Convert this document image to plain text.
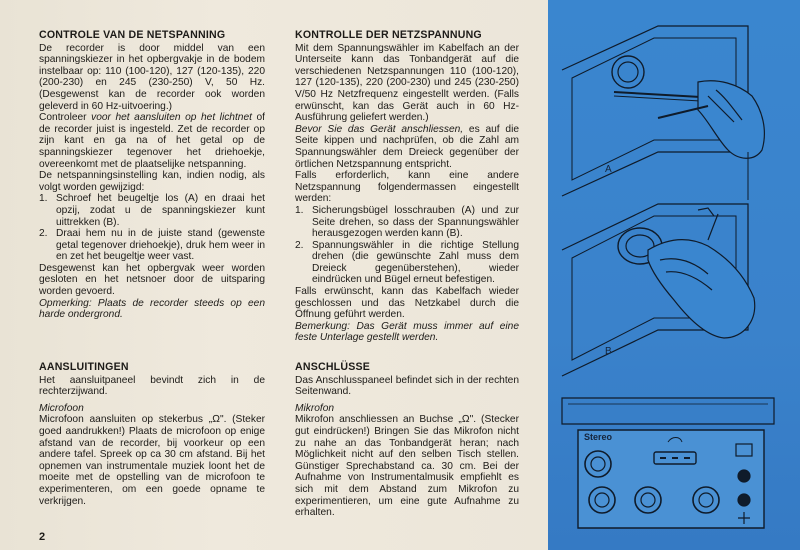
CONTROLE VAN DE NETSPANNING

De recorder is door middel van een spanningskiezer in het opbergvakje in de bodem instelbaar op: 110 (100-120), 127 (120-135), 220 (200-230) en 245 (230-250) V, 50 Hz. (Desgewenst kan de recorder ook worden geleverd in 60 Hz-uitvoering.)

Controleer voor het aansluiten op het lichtnet of de recorder juist is ingesteld. Zet de recorder op zijn kant en ga na of het getal op de spanningskiezer tegenover het driehoekje, overeenkomt met de plaatselijke netspanning.

De netspanningsinstelling kan, indien nodig, als volgt worden gewijzigd:

1. Schroef het beugeltje los (A) en draai het opzij, zodat u de spanningskiezer kunt uittrekken (B).
2. Draai hem nu in de juiste stand (gewenste getal tegenover driehoekje), druk hem weer in en zet het beugeltje weer vast.

Desgewenst kan het opbergvak weer worden gesloten en het netsnoer door de uitsparing worden gevoerd.

Opmerking: Plaats de recorder steeds op een harde ondergrond.

AANSLUITINGEN

Het aansluitpaneel bevindt zich in de rechterzijwand.

Microfoon

Microfoon aansluiten op stekerbus „Ω". (Steker goed aandrukken!) Plaats de microfoon op enige afstand van de recorder, bij voorkeur op een andere tafel. Spreek op ca 30 cm afstand. Bij het opnemen van instrumentale muziek loont het de moeite met de opstelling van de microfoon te experimenteren, om een goede opname te verkrijgen.

2
KONTROLLE DER NETZSPANNUNG

Mit dem Spannungswähler im Kabelfach an der Unterseite kann das Tonbandgerät auf die verschiedenen Netzspannungen 110 (100-120), 127 (120-135), 220 (200-230) und 245 (230-250) V/50 Hz Netzfrequenz eingestellt werden. (Falls erwünscht, kan das Gerät auch in 60 Hz-Ausführung geliefert werden.)

Bevor Sie das Gerät anschliessen, es auf die Seite kippen und nachprüfen, ob die Zahl am Spannungswähler dem Dreieck gegenüber der örtlichen Netzspannung entspricht.

Falls erforderlich, kann eine andere Netzspannung folgendermassen eingestellt werden:

1. Sicherungsbügel losschrauben (A) und zur Seite drehen, so dass der Spannungswähler herausgezogen werden kann (B).
2. Spannungswähler in die richtige Stellung drehen (die gewünschte Zahl muss dem Dreieck gegenüberstehen), wieder eindrücken und Bügel erneut befestigen.

Falls erwünscht, kann das Kabelfach wieder geschlossen und das Netzkabel durch die Öffnung geführt werden.

Bemerkung: Das Gerät muss immer auf eine feste Unterlage gestellt werden.

ANSCHLÜSSE

Das Anschlusspaneel befindet sich in der rechten Seitenwand.

Mikrofon

Mikrofon anschliessen an Buchse „Ω". (Stecker gut eindrücken!) Bringen Sie das Mikrofon nicht zu nahe an das Tonbandgerät heran; nach Möglichkeit nicht auf den selben Tisch stellen. Günstiger Sprechabstand ca. 30 cm. Bei der Aufnahme von Instrumentalmusik empfiehlt es sich mit dem Abstand zum Mikrofon zu experimentieren, um eine gute Aufnahme zu erhalten.

A
B
Stereo
